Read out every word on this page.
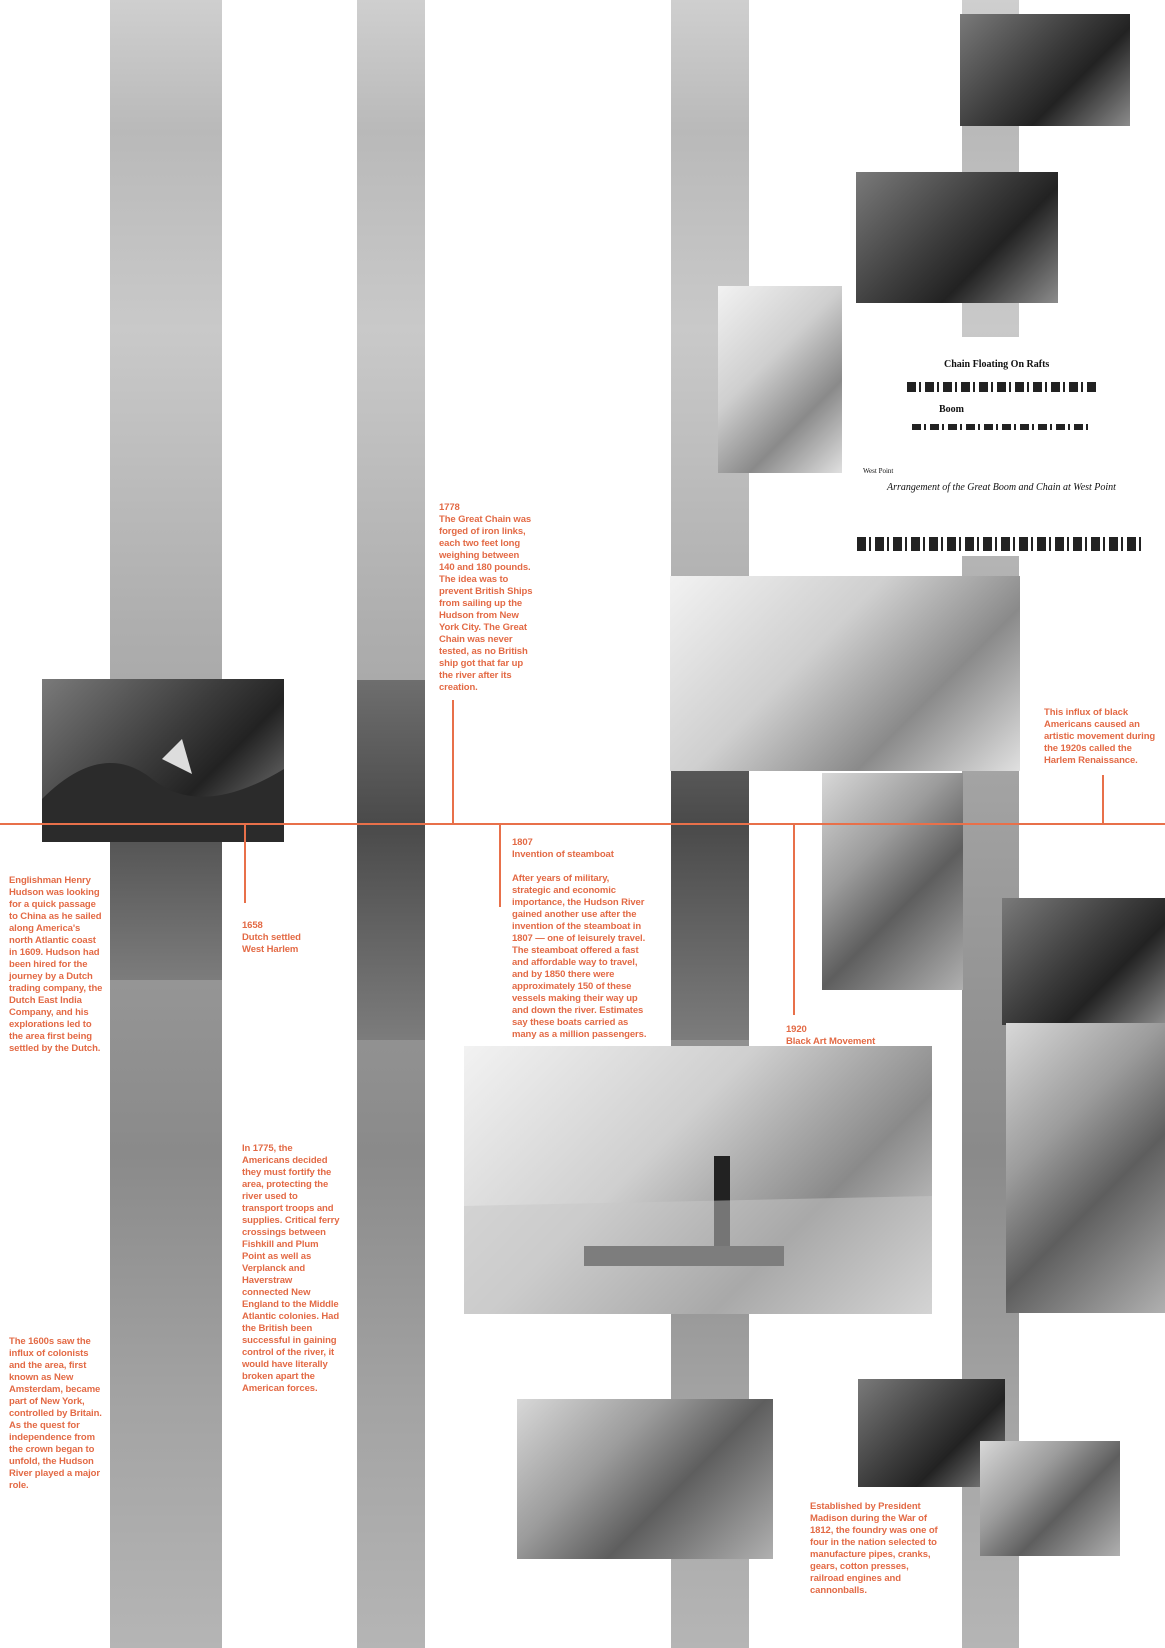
Chain Floating On Rafts
Boom
West Point
Arrangement of the Great Boom and Chain at West Point
Englishman Henry Hudson was looking for a quick passage to China as he sailed along America's north Atlantic coast in 1609. Hudson had been hired for the journey by a Dutch trading company, the Dutch East India Company, and his explorations led to the area first being settled by the Dutch.
The 1600s saw the influx of colonists and the area, first known as New Amsterdam, became part of New York, controlled by Britain. As the quest for independence from the crown began to unfold, the Hudson River played a major role.
1658
Dutch settled West Harlem
In 1775, the Americans decided they must fortify the area, protecting the river used to transport troops and supplies. Critical ferry crossings between Fishkill and Plum Point as well as Verplanck and Haverstraw connected New England to the Middle Atlantic colonies. Had the British been successful in gaining control of the river, it would have literally broken apart the American forces.
1778
The Great Chain was forged of iron links, each two feet long weighing between 140 and 180 pounds. The idea was to prevent British Ships from sailing up the Hudson from New York City. The Great Chain was never tested, as no British ship got that far up the river after its creation.
1807
Invention of steamboat
After years of military, strategic and economic importance, the Hudson River gained another use after the invention of the steamboat in 1807 — one of leisurely travel. The steamboat offered a fast and affordable way to travel, and by 1850 there were approximately 150 of these vessels making their way up and down the river. Estimates say these boats carried as many as a million passengers.	1920
Black Art Movement
This influx of black Americans caused an artistic movement during the 1920s called the Harlem Renaissance.
Established by President Madison during the War of 1812, the foundry was one of four in the nation selected to manufacture pipes, cranks, gears, cotton presses, railroad engines and cannonballs.
